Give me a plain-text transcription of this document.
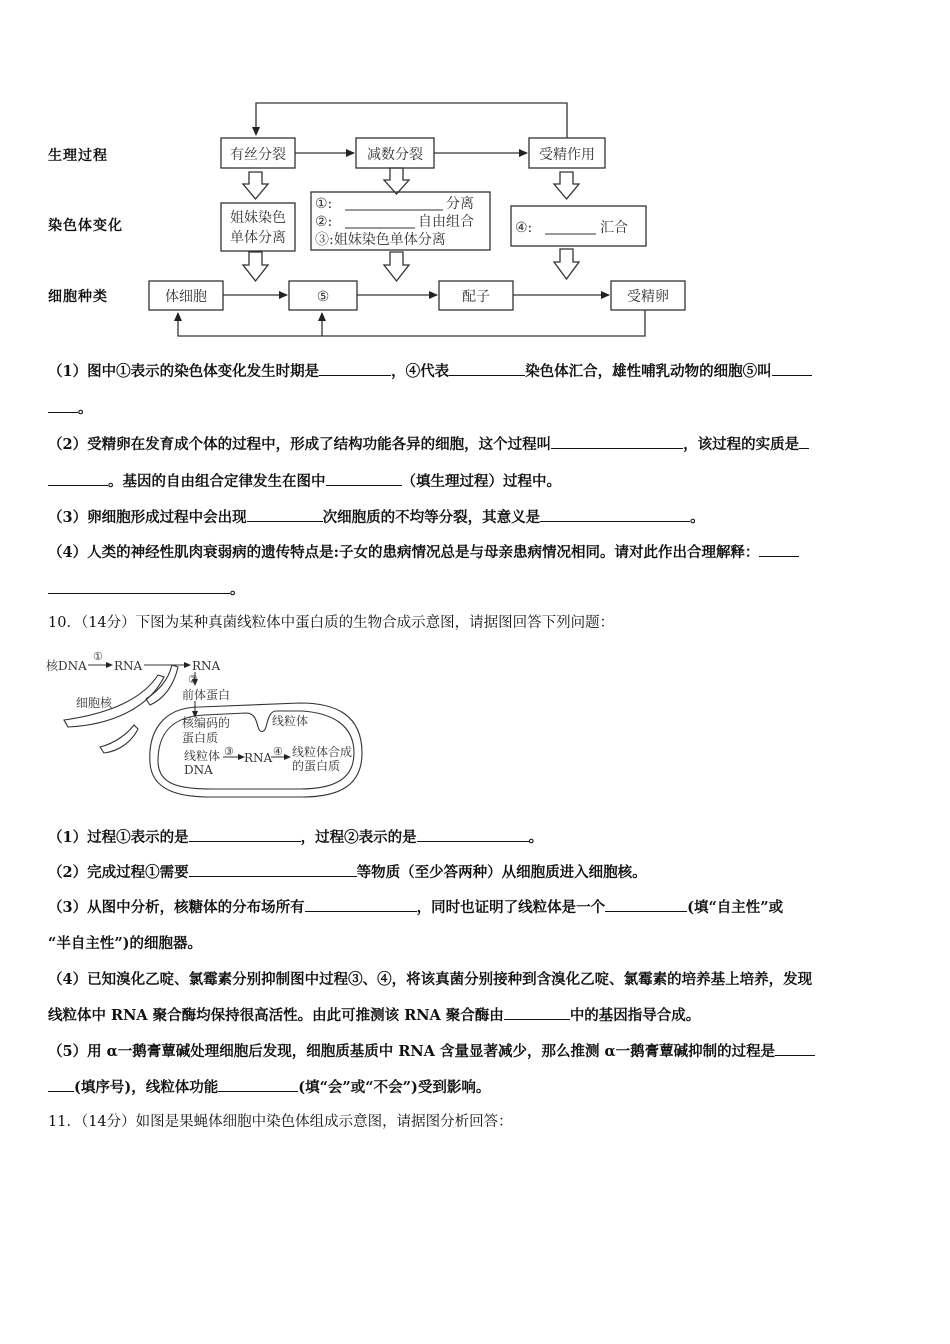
生理过程
染色体变化
细胞种类
有丝分裂	减数分裂	受精作用
姐妹染色
单体分离
①:	分离
②:	自由组合
③:姐妹染色单体分离
④:	汇合
体细胞	⑤	配子	受精卵
（1）图中①表示的染色体变化发生时期是	，④代表	染色体汇合，雄性哺乳动物的细胞⑤叫
。
（2）受精卵在发育成个体的过程中，形成了结构功能各异的细胞，这个过程叫	，该过程的实质是
。基因的自由组合定律发生在图中	（填生理过程）过程中。
（3）卵细胞形成过程中会出现	次细胞质的不均等分裂，其意义是	。
（4）人类的神经性肌肉衰弱病的遗传特点是:子女的患病情况总是与母亲患病情况相同。请对此作出合理解释：
。
10．（14分）下图为某种真菌线粒体中蛋白质的生物合成示意图，请据图回答下列问题：
核DNA
①
RNA	RNA
②
前体蛋白
细胞核
线粒体
核编码的
蛋白质
线粒体
DNA
③ RNA ④ 线粒体合成
的蛋白质
（1）过程①表示的是	，过程②表示的是	。
（2）完成过程①需要	等物质（至少答两种）从细胞质进入细胞核。
（3）从图中分析，核糖体的分布场所有	，同时也证明了线粒体是一个	(填“自主性”或
“半自主性”)的细胞器。
（4）已知溴化乙啶、氯霉素分别抑制图中过程③、④，将该真菌分别接种到含溴化乙啶、氯霉素的培养基上培养，发现
线粒体中 RNA 聚合酶均保持很高活性。由此可推测该 RNA 聚合酶由	中的基因指导合成。
（5）用 α一鹅膏蕈碱处理细胞后发现，细胞质基质中 RNA 含量显著减少，那么推测 α一鹅膏蕈碱抑制的过程是
(填序号)，线粒体功能	(填“会”或“不会”)受到影响。
11．（14分）如图是果蝇体细胞中染色体组成示意图，请据图分析回答：
